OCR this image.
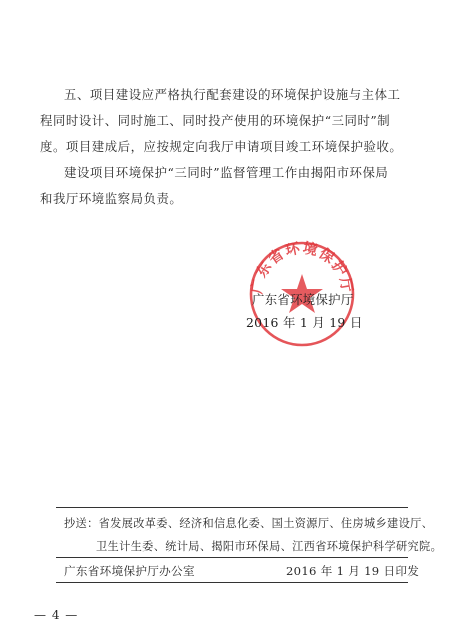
五、项目建设应严格执行配套建设的环境保护设施与主体工
程同时设计、同时施工、同时投产使用的环境保护“三同时”制
度。项目建成后，应按规定向我厅申请项目竣工环境保护验收。
建设项目环境保护“三同时”监督管理工作由揭阳市环保局
和我厅环境监察局负责。
广东省环境保护厅
广东省环境保护厅
2016 年 1 月 19 日
抄送：省发展改革委、经济和信息化委、国土资源厅、住房城乡建设厅、
卫生计生委、统计局、揭阳市环保局、江西省环境保护科学研究院。
广东省环境保护厅办公室	2016 年 1 月 19 日印发
— 4 —
